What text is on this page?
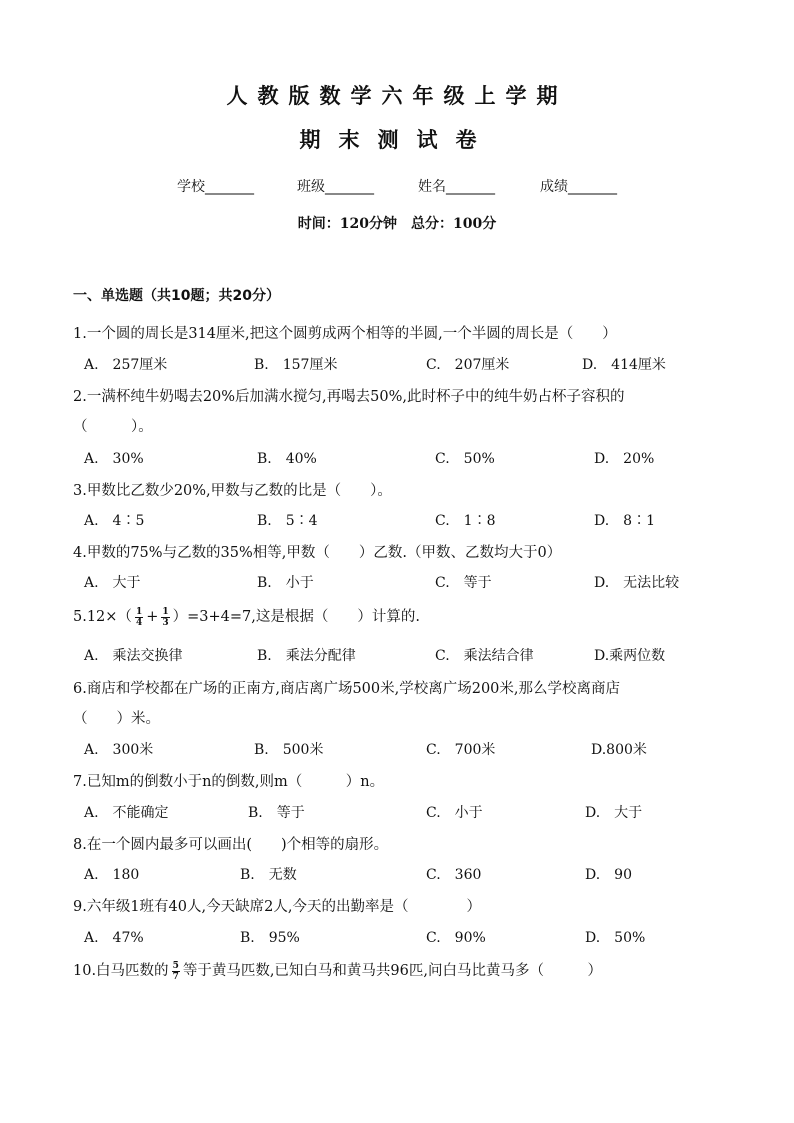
人教版数学六年级上学期
期末测试卷
学校_______	班级_______	姓名_______	成绩_______
时间：120分钟　总分：100分
一、单选题（共10题；共20分）
1.一个圆的周长是314厘米,把这个圆剪成两个相等的半圆,一个半圆的周长是（　　）
A.　257厘米	B.　157厘米	C.　207厘米	D.　414厘米
2.一满杯纯牛奶喝去20%后加满水搅匀,再喝去50%,此时杯子中的纯牛奶占杯子容积的
（　　　）。
A.　30%	B.　40%	C.　50%	D.　20%
3.甲数比乙数少20%,甲数与乙数的比是（　　）。
A.　4∶5	B.　5∶4	C.　1∶8	D.　8∶1
4.甲数的75%与乙数的35%相等,甲数（　　）乙数.（甲数、乙数均大于0）
A.　大于	B.　小于	C.　等于	D.　无法比较
$5.12\times( \frac{1}{4} + \frac{1}{3} )=3+4=7$,这是根据（　　）计算的.
A.　乘法交换律	B.　乘法分配律	C.　乘法结合律	D.乘两位数
6.商店和学校都在广场的正南方,商店离广场500米,学校离广场200米,那么学校离商店
（　　）米。
A.　300米	B.　500米	C.　700米	D.800米
7.已知m的倒数小于n的倒数,则m（　　　）n。
A.　不能确定	B.　等于	C.　小于	D.　大于
8.在一个圆内最多可以画出(　　)个相等的扇形。
A.　180	B.　无数	C.　360	D.　90
9.六年级1班有40人,今天缺席2人,今天的出勤率是（　　　　）
A.　47%	B.　95%	C.　90%	D.　50%
10.白马匹数的 $\frac{5}{7}$ 等于黄马匹数,已知白马和黄马共96匹,问白马比黄马多（　　　）
